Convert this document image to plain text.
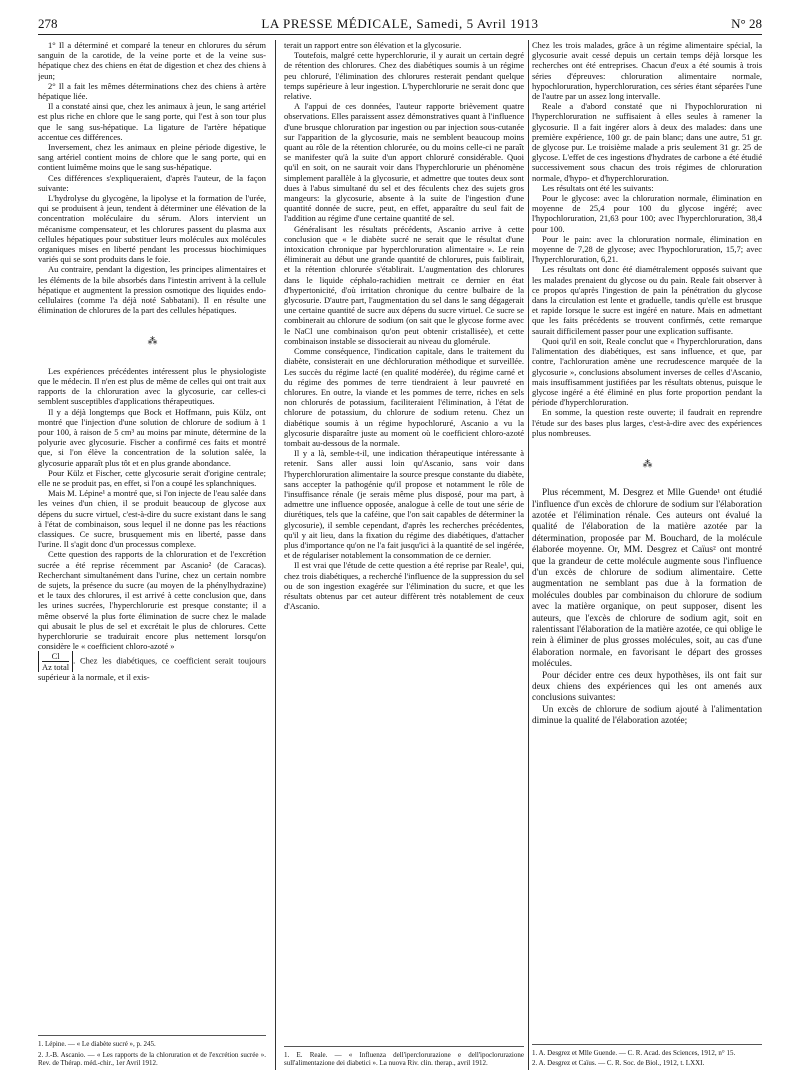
278	LA PRESSE MÉDICALE, Samedi, 5 Avril 1913	N° 28

1° Il a déterminé et comparé la teneur en chlorures du sérum sanguin de la carotide, de la veine porte et de la veine sus-hépatique chez des chiens en état de digestion et chez des chiens à jeun;

2° Il a fait les mêmes déterminations chez des chiens à artère hépatique liée.

Il a constaté ainsi que, chez les animaux à jeun, le sang artériel est plus riche en chlore que le sang porte, qui l'est à son tour plus que le sang sus-hépatique. La ligature de l'artère hépatique accentue ces différences.

Inversement, chez les animaux en pleine période digestive, le sang artériel contient moins de chlore que le sang porte, qui en contient luimême moins que le sang sus-hépatique.

Ces différences s'expliqueraient, d'après l'auteur, de la façon suivante:

L'hydrolyse du glycogène, la lipolyse et la formation de l'urée, qui se produisent à jeun, tendent à déterminer une élévation de la concentration moléculaire du sérum. Alors intervient un mécanisme compensateur, et les chlorures passent du plasma aux cellules hépatiques pour substituer leurs molécules aux molécules organiques mises en liberté pendant les processus biochimiques variés qui se sont produits dans le foie.

Au contraire, pendant la digestion, les principes alimentaires et les éléments de la bile absorbés dans l'intestin arrivent à la cellule hépatique et augmentent la pression osmotique des liquides endo-cellulaires (comme l'a déjà noté Sabbatani). Il en résulte une élimination de chlorures de la part des cellules hépatiques.

⁂

Les expériences précédentes intéressent plus le physiologiste que le médecin. Il n'en est plus de même de celles qui ont trait aux rapports de la chloruration avec la glycosurie, car celles-ci semblent susceptibles d'applications thérapeutiques.

Il y a déjà longtemps que Bock et Hoffmann, puis Külz, ont montré que l'injection d'une solution de chlorure de sodium à 1 pour 100, à raison de 5 cm³ au moins par minute, détermine de la polyurie avec glycosurie. Fischer a confirmé ces faits et montré que, si l'on élève la concentration de la solution salée, la glycosurie apparaît plus tôt et en plus grande abondance.

Pour Külz et Fischer, cette glycosurie serait d'origine centrale; elle ne se produit pas, en effet, si l'on a coupé les splanchniques.

Mais M. Lépine¹ a montré que, si l'on injecte de l'eau salée dans les veines d'un chien, il se produit beaucoup de glycose aux dépens du sucre virtuel, c'est-à-dire du sucre existant dans le sang à l'état de combinaison, sous lequel il ne donne pas les réactions classiques. Ce sucre, brusquement mis en liberté, passe dans l'urine. Il s'agit donc d'un processus complexe.

Cette question des rapports de la chloruration et de l'excrétion sucrée a été reprise récemment par Ascanio² (de Caracas). Recherchant simultanément dans l'urine, chez un certain nombre de sujets, la présence du sucre (au moyen de la phénylhydrazine) et le taux des chlorures, il est arrivé à cette conclusion que, dans les urines sucrées, l'hyperchlorurie est presque constante; il a même observé la plus forte élimination de sucre chez le malade qui abusait le plus de sel et excrétait le plus de chlorures. Cette hyperchlorurie se traduirait encore plus nettement lorsqu'on considère le « coefficient chloro-azoté »

Cl
Az total. Chez les diabétiques, ce coefficient serait toujours supérieur à la normale, et il exis-

1. Lépine. — « Le diabète sucré », p. 245.
2. J.-B. Ascanio. — « Les rapports de la chloruration et de l'excrétion sucrée ». Rev. de Thérap. méd.-chir., 1er Avril 1912.

terait un rapport entre son élévation et la glycosurie.

Toutefois, malgré cette hyperchlorurie, il y aurait un certain degré de rétention des chlorures. Chez des diabétiques soumis à un régime peu chloruré, l'élimination des chlorures resterait pendant quelque temps supérieure à leur ingestion. L'hyperchlorurie ne serait donc que relative.

A l'appui de ces données, l'auteur rapporte brièvement quatre observations. Elles paraissent assez démonstratives quant à l'influence d'une brusque chloruration par ingestion ou par injection sous-cutanée sur l'apparition de la glycosurie, mais ne semblent beaucoup moins quant au rôle de la rétention chlorurée, ou du moins celle-ci ne paraît se manifester qu'à la suite d'un apport chloruré considérable. Quoi qu'il en soit, on ne saurait voir dans l'hyperchlorurie un phénomène simplement parallèle à la glycosurie, et admettre que toutes deux sont dues à l'abus simultané du sel et des féculents chez des sujets gros mangeurs: la glycosurie, absente à la suite de l'ingestion d'une quantité donnée de sucre, peut, en effet, apparaître du seul fait de l'addition au régime d'une certaine quantité de sel.

Généralisant les résultats précédents, Ascanio arrive à cette conclusion que « le diabète sucré ne serait que le résultat d'une intoxication chronique par hyperchloruration alimentaire ». Le rein éliminerait au début une grande quantité de chlorures, puis faiblirait, et la rétention chlorurée s'établirait. L'augmentation des chlorures dans le liquide céphalo-rachidien mettrait ce dernier en état d'hypertonicité, d'où irritation chronique du centre bulbaire de la glycosurie. D'autre part, l'augmentation du sel dans le sang dégagerait une certaine quantité de sucre aux dépens du sucre virtuel. Ce sucre se combinerait au chlorure de sodium (on sait que le glycose forme avec le NaCl une combinaison qu'on peut obtenir cristallisée), et cette combinaison instable se dissocierait au niveau du glomérule.

Comme conséquence, l'indication capitale, dans le traitement du diabète, consisterait en une déchloruration méthodique et surveillée. Les succès du régime lacté (en qualité modérée), du régime carné et du régime des pommes de terre tiendraient à leur pauvreté en chlorures. En outre, la viande et les pommes de terre, riches en sels non chlorurés de potassium, faciliteraient l'élimination, à l'état de chlorure de potassium, du chlorure de sodium retenu. Chez un diabétique soumis à un régime hypochloruré, Ascanio a vu la glycosurie disparaître juste au moment où le coefficient chloro-azoté tombait au-dessous de la normale.

Il y a là, semble-t-il, une indication thérapeutique intéressante à retenir. Sans aller aussi loin qu'Ascanio, sans voir dans l'hyperchloruration alimentaire la source presque constante du diabète, sans accepter la pathogénie qu'il propose et notamment le rôle de l'insuffisance rénale (je serais même plus disposé, pour ma part, à admettre une influence opposée, analogue à celle de tout une série de diurétiques, tels que la caféine, que l'on sait capables de déterminer la glycosurie), il semble cependant, d'après les recherches précédentes, qu'il y ait lieu, dans la fixation du régime des diabétiques, d'attacher plus d'importance qu'on ne l'a fait jusqu'ici à la quantité de sel ingérée, et de régulariser notablement la consommation de ce dernier.

Il est vrai que l'étude de cette question a été reprise par Reale¹, qui, chez trois diabétiques, a recherché l'influence de la suppression du sel ou de son ingestion exagérée sur l'élimination du sucre, et que les résultats obtenus par cet auteur diffèrent très notablement de ceux d'Ascanio.

1. E. Reale. — « Influenza dell'iperclorurazione e dell'ipoclorurazione sull'alimentazione dei diabetici ». La nuova Riv. clin. therap., avril 1912.

Chez les trois malades, grâce à un régime alimentaire spécial, la glycosurie avait cessé depuis un certain temps déjà lorsque les recherches ont été entreprises. Chacun d'eux a été soumis à trois séries d'épreuves: chloruration alimentaire normale, hypochloruration, hyperchloruration, ces séries étant séparées l'une de l'autre par un assez long intervalle.

Reale a d'abord constaté que ni l'hypochloruration ni l'hyperchloruration ne suffisaient à elles seules à ramener la glycosurie. Il a fait ingérer alors à deux des malades: dans une première expérience, 100 gr. de pain blanc; dans une autre, 51 gr. de glycose pur. Le troisième malade a pris seulement 31 gr. 25 de glycose. L'effet de ces ingestions d'hydrates de carbone a été étudié successivement sous chacun des trois régimes de chloruration normale, d'hypo- et d'hyperchloruration.

Les résultats ont été les suivants:

Pour le glycose: avec la chloruration normale, élimination en moyenne de 25,4 pour 100 du glycose ingéré; avec l'hypochloruration, 21,63 pour 100; avec l'hyperchloruration, 38,4 pour 100.

Pour le pain: avec la chloruration normale, élimination en moyenne de 7,28 de glycose; avec l'hypochloruration, 15,7; avec l'hyperchloruration, 6,21.

Les résultats ont donc été diamétralement opposés suivant que les malades prenaient du glycose ou du pain. Reale fait observer à ce propos qu'après l'ingestion de pain la pénétration du glycose dans la circulation est lente et graduelle, tandis qu'elle est brusque et rapide lorsque le sucre est ingéré en nature. Mais en admettant que les faits précédents se trouvent confirmés, cette remarque saurait difficilement passer pour une explication suffisante.

Quoi qu'il en soit, Reale conclut que « l'hyperchloruration, dans l'alimentation des diabétiques, est sans influence, et que, par contre, l'achloruration amène une recrudescence marquée de la glycosurie », conclusions absolument inverses de celles d'Ascanio, mais insuffisamment justifiées par les résultats obtenus, puisque le glycose ingéré a été éliminé en plus forte proportion pendant la période d'hyperchloruration.

En somme, la question reste ouverte; il faudrait en reprendre l'étude sur des bases plus larges, c'est-à-dire avec des expériences plus nombreuses.

⁂

Plus récemment, M. Desgrez et Mlle Guende¹ ont étudié l'influence d'un excès de chlorure de sodium sur l'élaboration azotée et l'élimination rénale. Ces auteurs ont évalué la qualité de l'élaboration de la matière azotée par la détermination, proposée par M. Bouchard, de la molécule élaborée moyenne. Or, MM. Desgrez et Caïus² ont montré que la grandeur de cette molécule augmente sous l'influence d'un excès de chlorure de sodium alimentaire. Cette augmentation ne semblant pas due à la formation de molécules doubles par combinaison du chlorure de sodium avec la matière organique, on peut supposer, disent les auteurs, que l'excès de chlorure de sodium agit, soit en ralentissant l'élaboration de la matière azotée, ce qui oblige le rein à éliminer de plus grosses molécules, soit, au cas d'une élaboration normale, en favorisant le départ des grosses molécules.

Pour décider entre ces deux hypothèses, ils ont fait sur deux chiens des expériences qui les ont amenés aux conclusions suivantes:

Un excès de chlorure de sodium ajouté à l'alimentation diminue la qualité de l'élaboration azotée;

1. A. Desgrez et Mlle Guende. — C. R. Acad. des Sciences, 1912, n° 15.
2. A. Desgrez et Caïus. — C. R. Soc. de Biol., 1912, t. LXXI.
